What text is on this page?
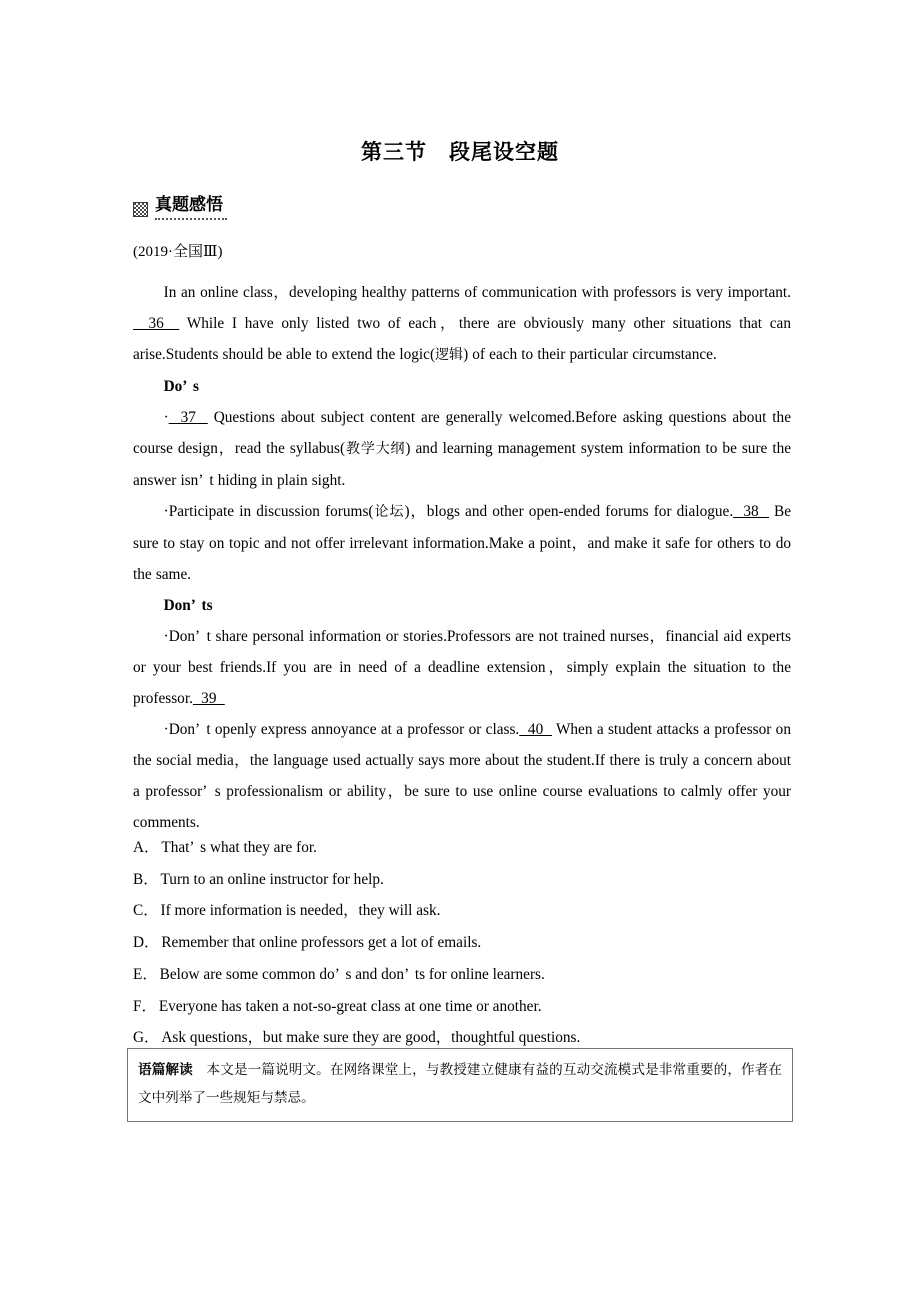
第三节　段尾设空题
真题感悟
(2019·全国Ⅲ)

In an online class，developing healthy patterns of communication with professors is very important.  36   While I have only listed two of each，there are obviously many other situations that can arise.Students should be able to extend the logic(逻辑) of each to their particular circumstance.

Do’ s

·  37   Questions about subject content are generally welcomed.Before asking questions about the course design，read the syllabus(教学大纲) and learning management system information to be sure the answer isn’ t hiding in plain sight.

·Participate in discussion forums(论坛)，blogs and other open-ended forums for dialogue.  38   Be sure to stay on topic and not offer irrelevant information.Make a point，and make it safe for others to do the same.

Don’ ts

·Don’ t share personal information or stories.Professors are not trained nurses，financial aid experts or your best friends.If you are in need of a deadline extension，simply explain the situation to the professor.  39

·Don’ t openly express annoyance at a professor or class.  40   When a student attacks a professor on the social media，the language used actually says more about the student.If there is truly a concern about a professor’ s professionalism or ability，be sure to use online course evaluations to calmly offer your comments.

A． That’ s what they are for.

B． Turn to an online instructor for help.

C． If more information is needed，they will ask.

D． Remember that online professors get a lot of emails.

E． Below are some common do’ s and don’ ts for online learners.

F． Everyone has taken a not-so-great class at one time or another.

G． Ask questions，but make sure they are good，thoughtful questions.

语篇解读　 本文是一篇说明文。在网络课堂上，与教授建立健康有益的互动交流模式是非常重要的，作者在文中列举了一些规矩与禁忌。
